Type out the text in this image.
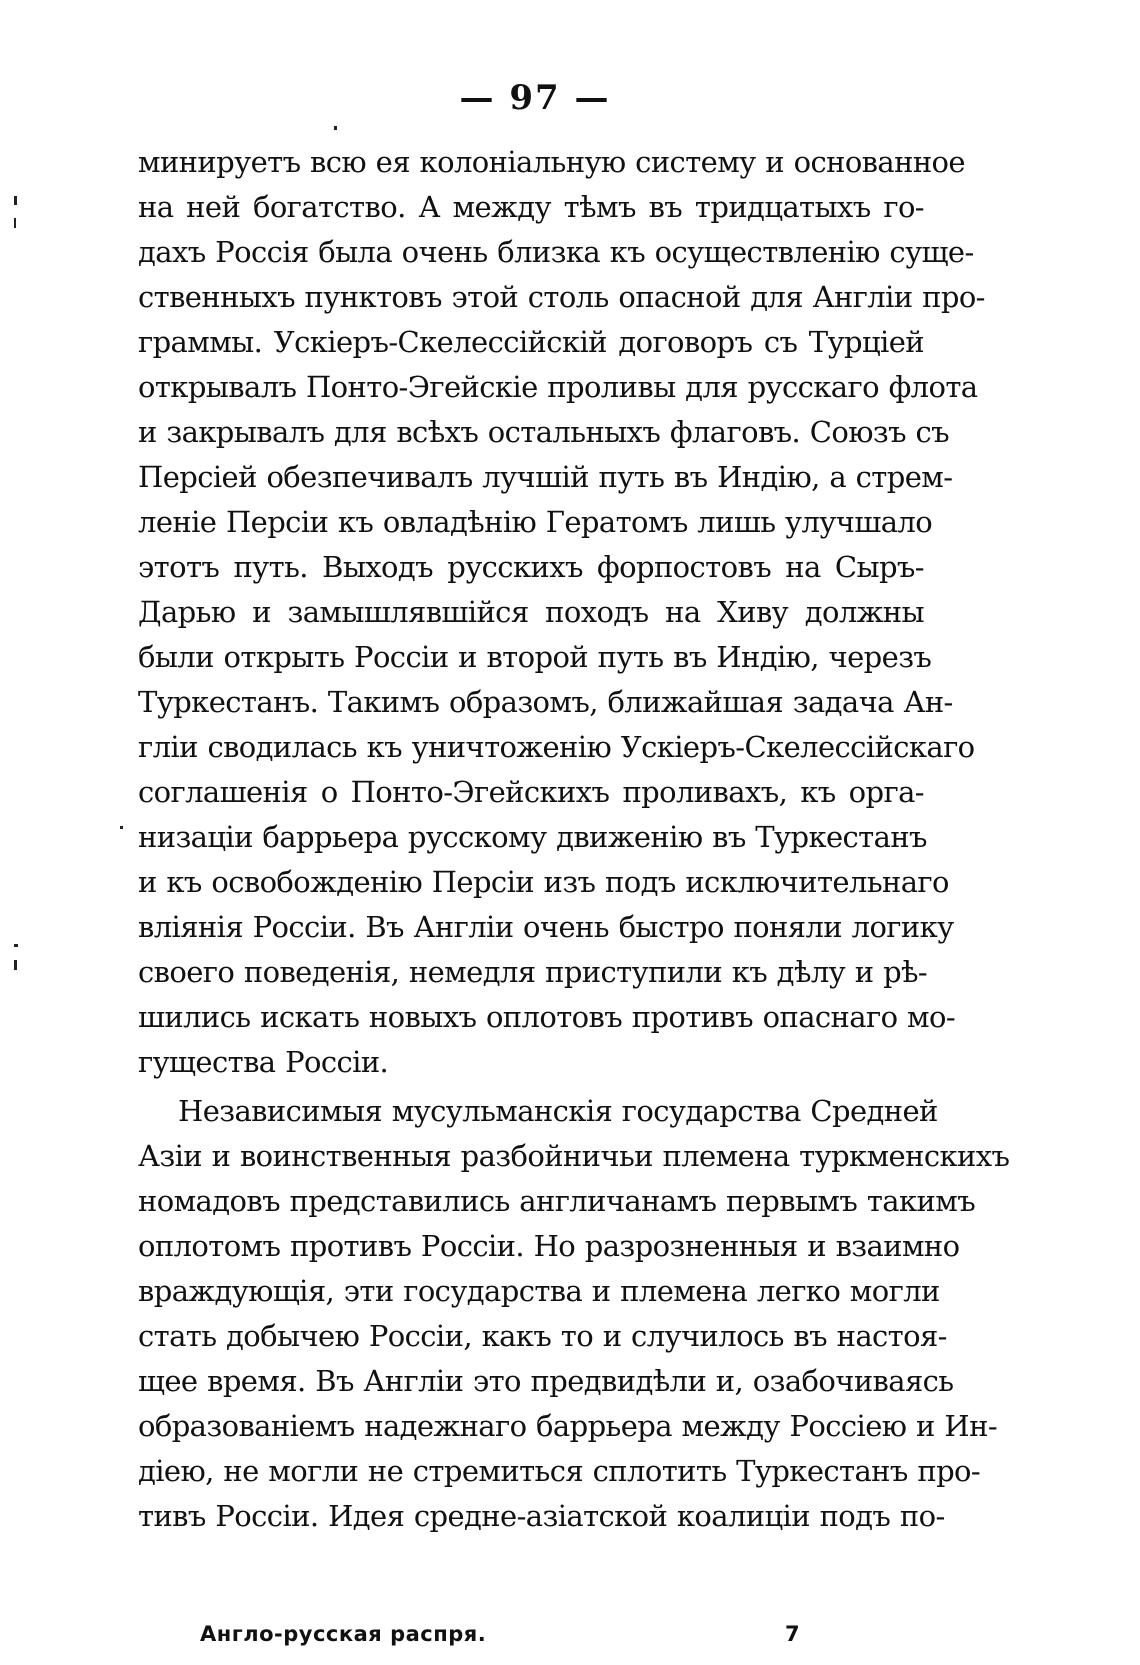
— 97 —
минируетъ всю ея колоніальную систему и основанное
на ней богатство. А между тѣмъ въ тридцатыхъ го-
дахъ Россія была очень близка къ осуществленію суще-
ственныхъ пунктовъ этой столь опасной для Англіи про-
граммы. Ускіеръ-Скелессійскій договоръ съ Турціей
открывалъ Понто-Эгейскіе проливы для русскаго флота
и закрывалъ для всѣхъ остальныхъ флаговъ. Союзъ съ
Персіей обезпечивалъ лучшій путь въ Индію, а стрем-
леніе Персіи къ овладѣнію Гератомъ лишь улучшало
этотъ путь. Выходъ русскихъ форпостовъ на Сыръ-
Дарью и замышлявшійся походъ на Хиву должны
были открыть Россіи и второй путь въ Индію, черезъ
Туркестанъ. Такимъ образомъ, ближайшая задача Ан-
гліи сводилась къ уничтоженію Ускіеръ-Скелессійскаго
соглашенія о Понто-Эгейскихъ проливахъ, къ орга-
низаціи баррьера русскому движенію въ Туркестанъ
и къ освобожденію Персіи изъ подъ исключительнаго
вліянія Россіи. Въ Англіи очень быстро поняли логику
своего поведенія, немедля приступили къ дѣлу и рѣ-
шились искать новыхъ оплотовъ противъ опаснаго мо-
гущества Россіи.
Независимыя мусульманскія государства Средней
Азіи и воинственныя разбойничьи племена туркменскихъ
номадовъ представились англичанамъ первымъ такимъ
оплотомъ противъ Россіи. Но разрозненныя и взаимно
враждующія, эти государства и племена легко могли
стать добычею Россіи, какъ то и случилось въ настоя-
щее время. Въ Англіи это предвидѣли и, озабочиваясь
образованіемъ надежнаго баррьера между Россіею и Ин-
діею, не могли не стремиться сплотить Туркестанъ про-
тивъ Россіи. Идея средне-азіатской коалиціи подъ по-
Англо-русская распря.	7
